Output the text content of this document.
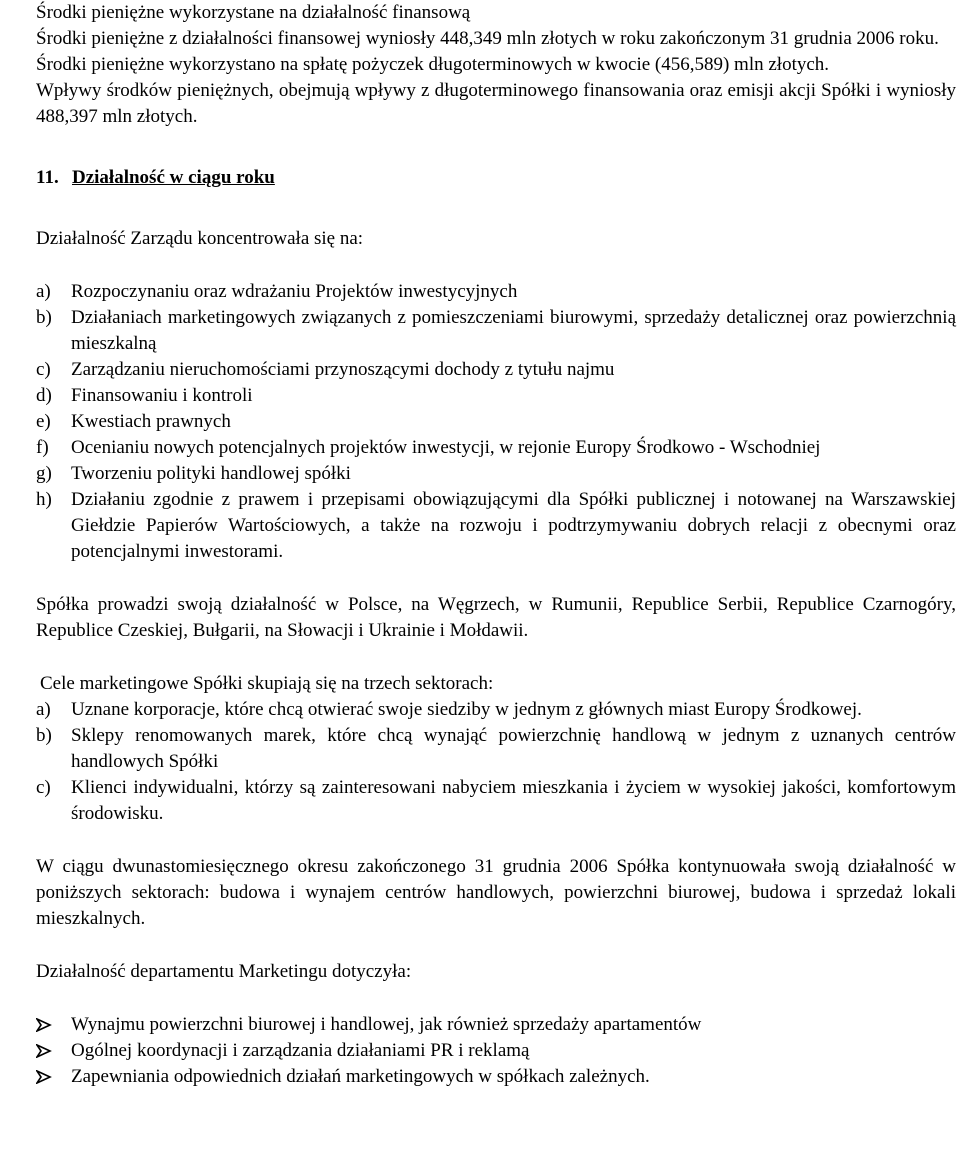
Środki pieniężne wykorzystane na działalność finansową

Środki pieniężne z działalności finansowej wyniosły 448,349 mln złotych w roku zakończonym 31 grudnia 2006 roku.

Środki pieniężne wykorzystano na spłatę pożyczek długoterminowych w kwocie (456,589) mln złotych.

Wpływy środków pieniężnych, obejmują wpływy z długoterminowego finansowania oraz emisji akcji Spółki i wyniosły 488,397 mln złotych.

11. Działalność w ciągu roku

Działalność Zarządu koncentrowała się na:

a)	Rozpoczynaniu oraz wdrażaniu Projektów inwestycyjnych
b)	Działaniach marketingowych związanych z pomieszczeniami biurowymi, sprzedaży detalicznej oraz powierzchnią mieszkalną
c)	Zarządzaniu nieruchomościami przynoszącymi dochody z tytułu najmu
d)	Finansowaniu i kontroli
e)	Kwestiach prawnych
f)	Ocenianiu nowych potencjalnych projektów inwestycji, w rejonie Europy Środkowo - Wschodniej
g)	Tworzeniu polityki handlowej spółki
h)	Działaniu zgodnie z prawem i przepisami obowiązującymi dla Spółki publicznej i notowanej na Warszawskiej Giełdzie Papierów Wartościowych, a także na rozwoju i podtrzymywaniu dobrych relacji z obecnymi oraz potencjalnymi inwestorami.

Spółka prowadzi swoją działalność w Polsce, na Węgrzech, w Rumunii, Republice Serbii, Republice Czarnogóry, Republice Czeskiej, Bułgarii, na Słowacji i Ukrainie i Mołdawii.

Cele marketingowe Spółki skupiają się na trzech sektorach:

a)	Uznane korporacje, które chcą otwierać swoje siedziby w jednym z głównych miast Europy Środkowej.
b)	Sklepy renomowanych marek, które chcą wynająć powierzchnię handlową w jednym z uznanych centrów handlowych Spółki
c)	Klienci indywidualni, którzy są zainteresowani nabyciem mieszkania i życiem w wysokiej jakości, komfortowym środowisku.

W ciągu dwunastomiesięcznego okresu zakończonego 31 grudnia 2006 Spółka kontynuowała swoją działalność w poniższych sektorach: budowa i wynajem centrów handlowych, powierzchni biurowej, budowa i sprzedaż lokali mieszkalnych.

Działalność departamentu Marketingu dotyczyła:

Wynajmu powierzchni biurowej i handlowej, jak również sprzedaży apartamentów
Ogólnej koordynacji i zarządzania działaniami PR i reklamą
Zapewniania odpowiednich działań marketingowych w spółkach zależnych.
